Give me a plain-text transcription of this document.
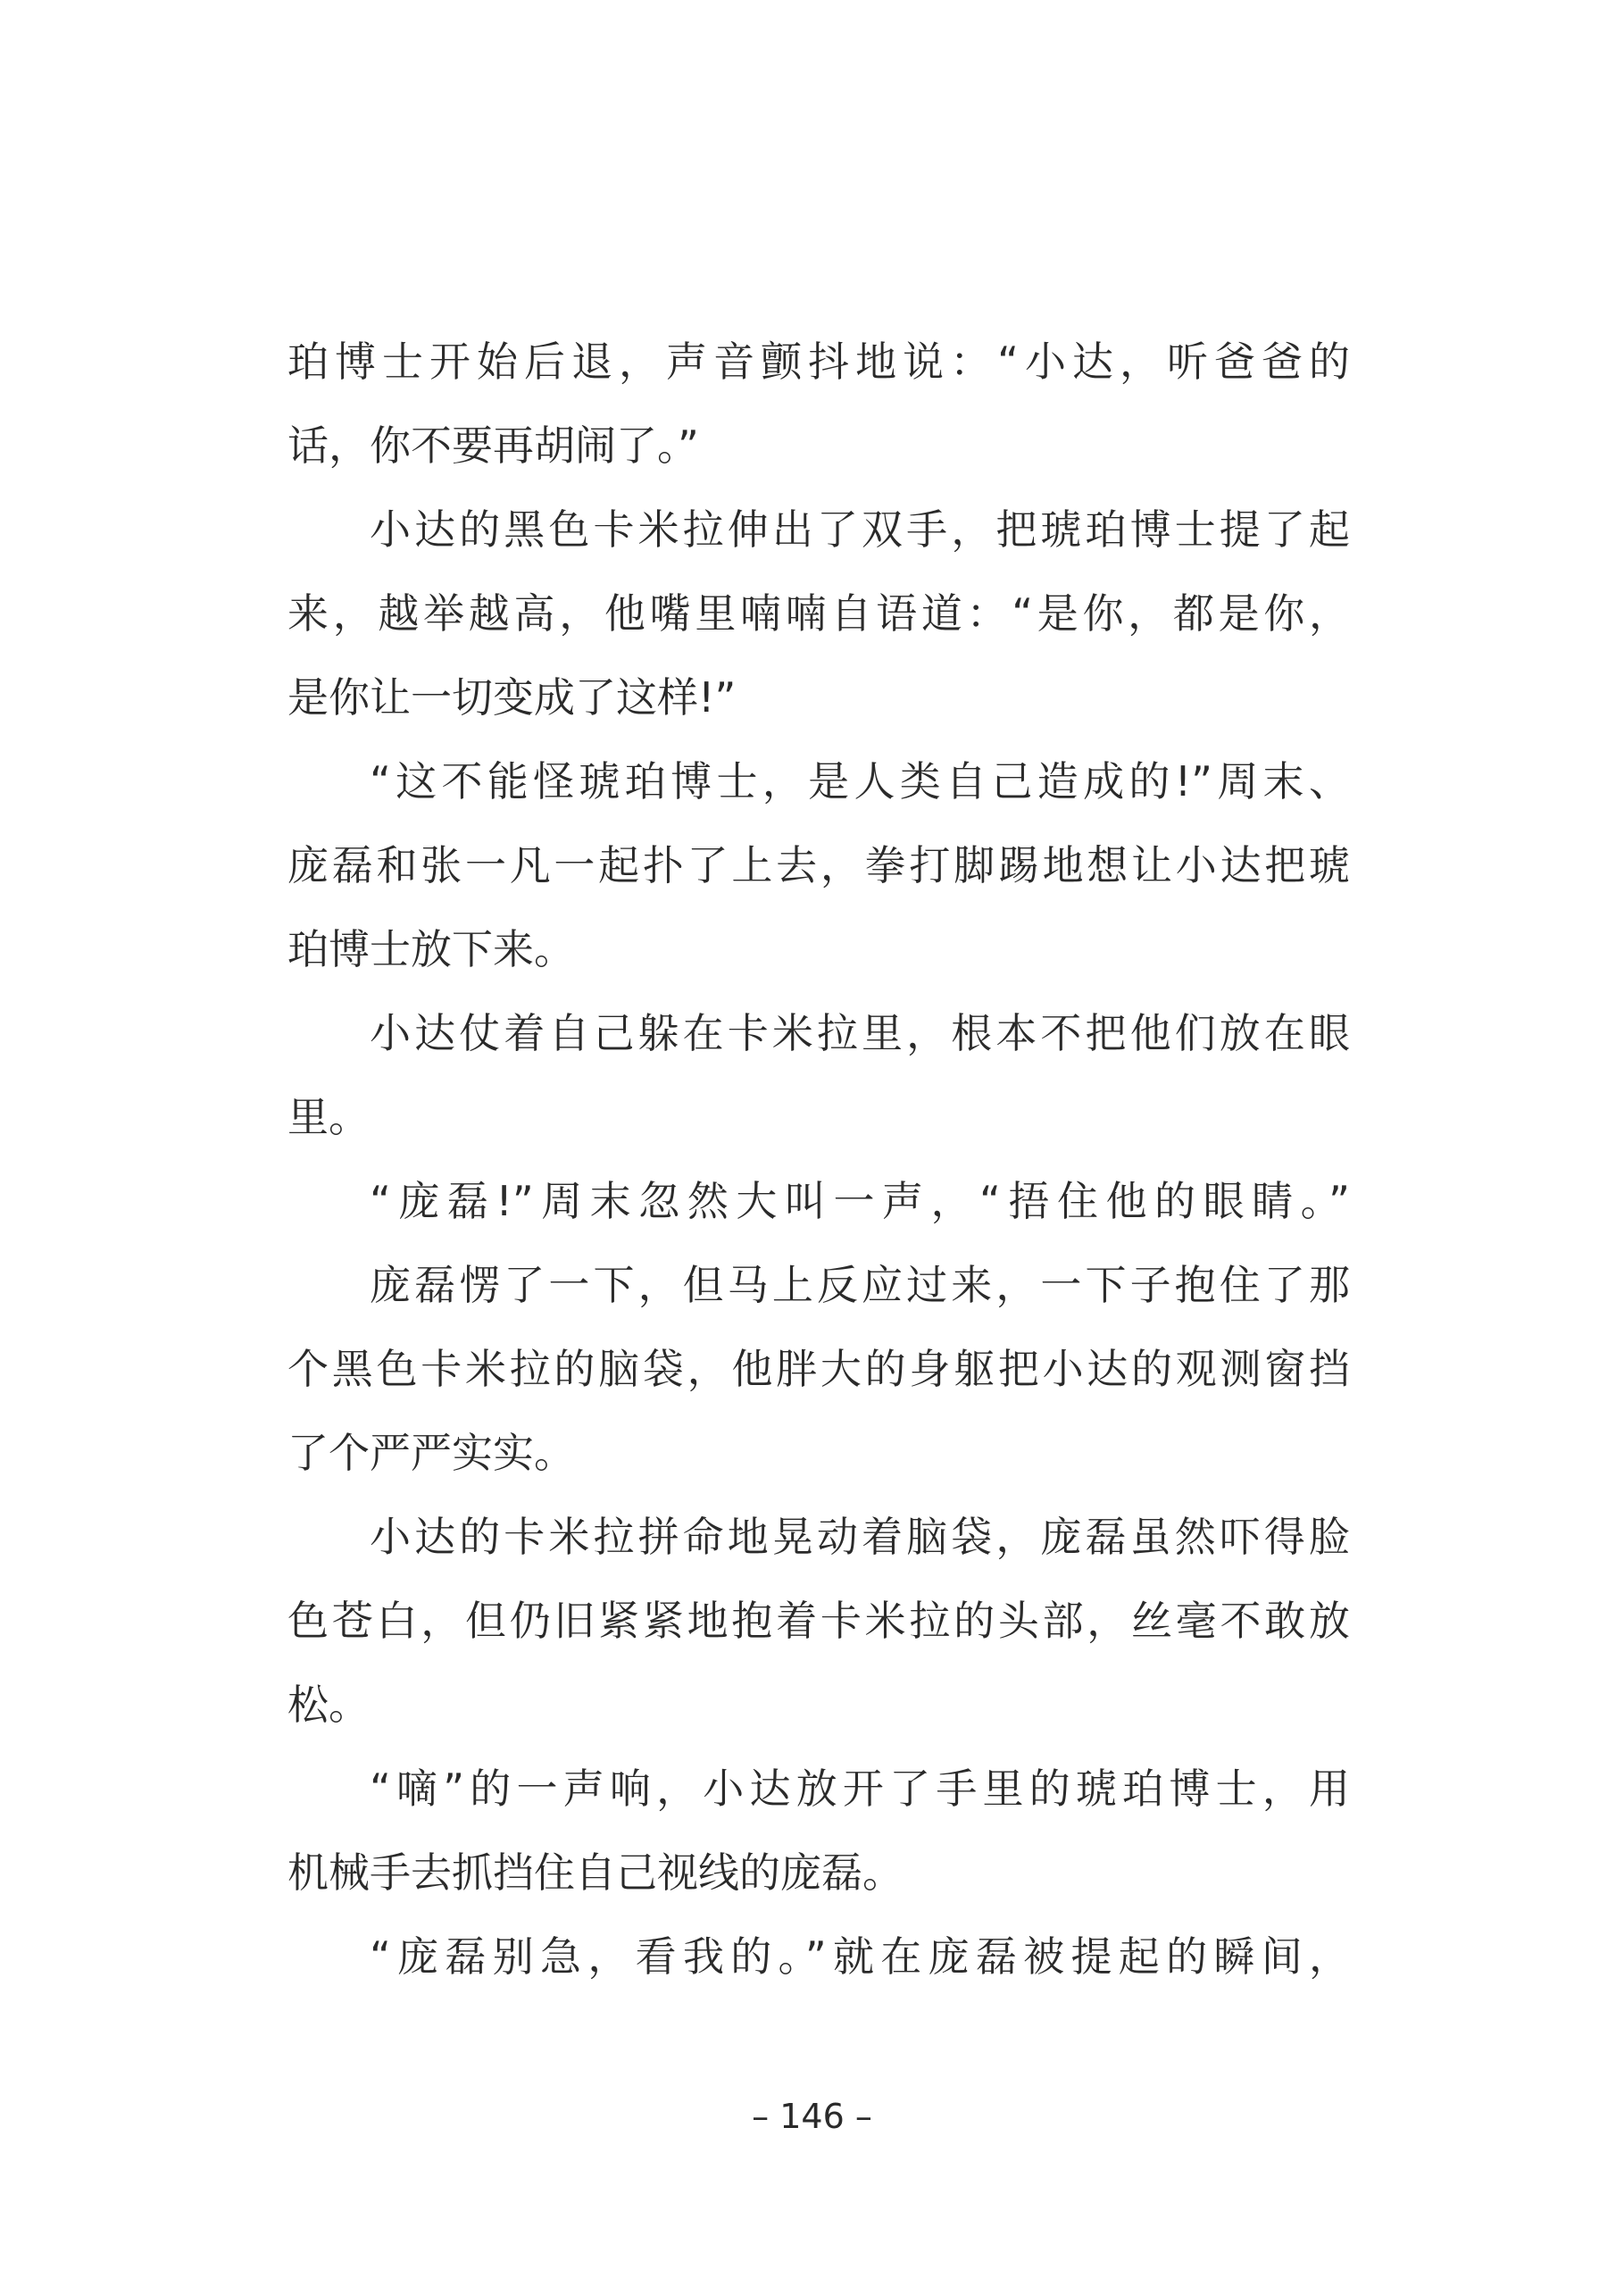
珀博士开始后退，声音颤抖地说：“小达，听爸爸的
话，你不要再胡闹了。”
小达的黑色卡米拉伸出了双手，把琥珀博士提了起
来，越举越高，他嘴里喃喃自语道：“是你，都是你，
是你让一切变成了这样!”
“这不能怪琥珀博士，是人类自己造成的!”周末、
庞磊和张一凡一起扑了上去，拳打脚踢地想让小达把琥
珀博士放下来。
小达仗着自己躲在卡米拉里，根本不把他们放在眼
里。
“庞磊!”周末忽然大叫一声，“捂住他的眼睛。”
庞磊愣了一下，但马上反应过来，一下子抱住了那
个黑色卡米拉的脑袋，他胖大的身躯把小达的观测窗挡
了个严严实实。
小达的卡米拉拼命地晃动着脑袋，庞磊虽然吓得脸
色苍白，但仍旧紧紧地抱着卡米拉的头部，丝毫不敢放
松。
“嘀”的一声响，小达放开了手里的琥珀博士，用
机械手去抓挡住自己视线的庞磊。
“庞磊别急，看我的。”就在庞磊被提起的瞬间，
– 146 –
